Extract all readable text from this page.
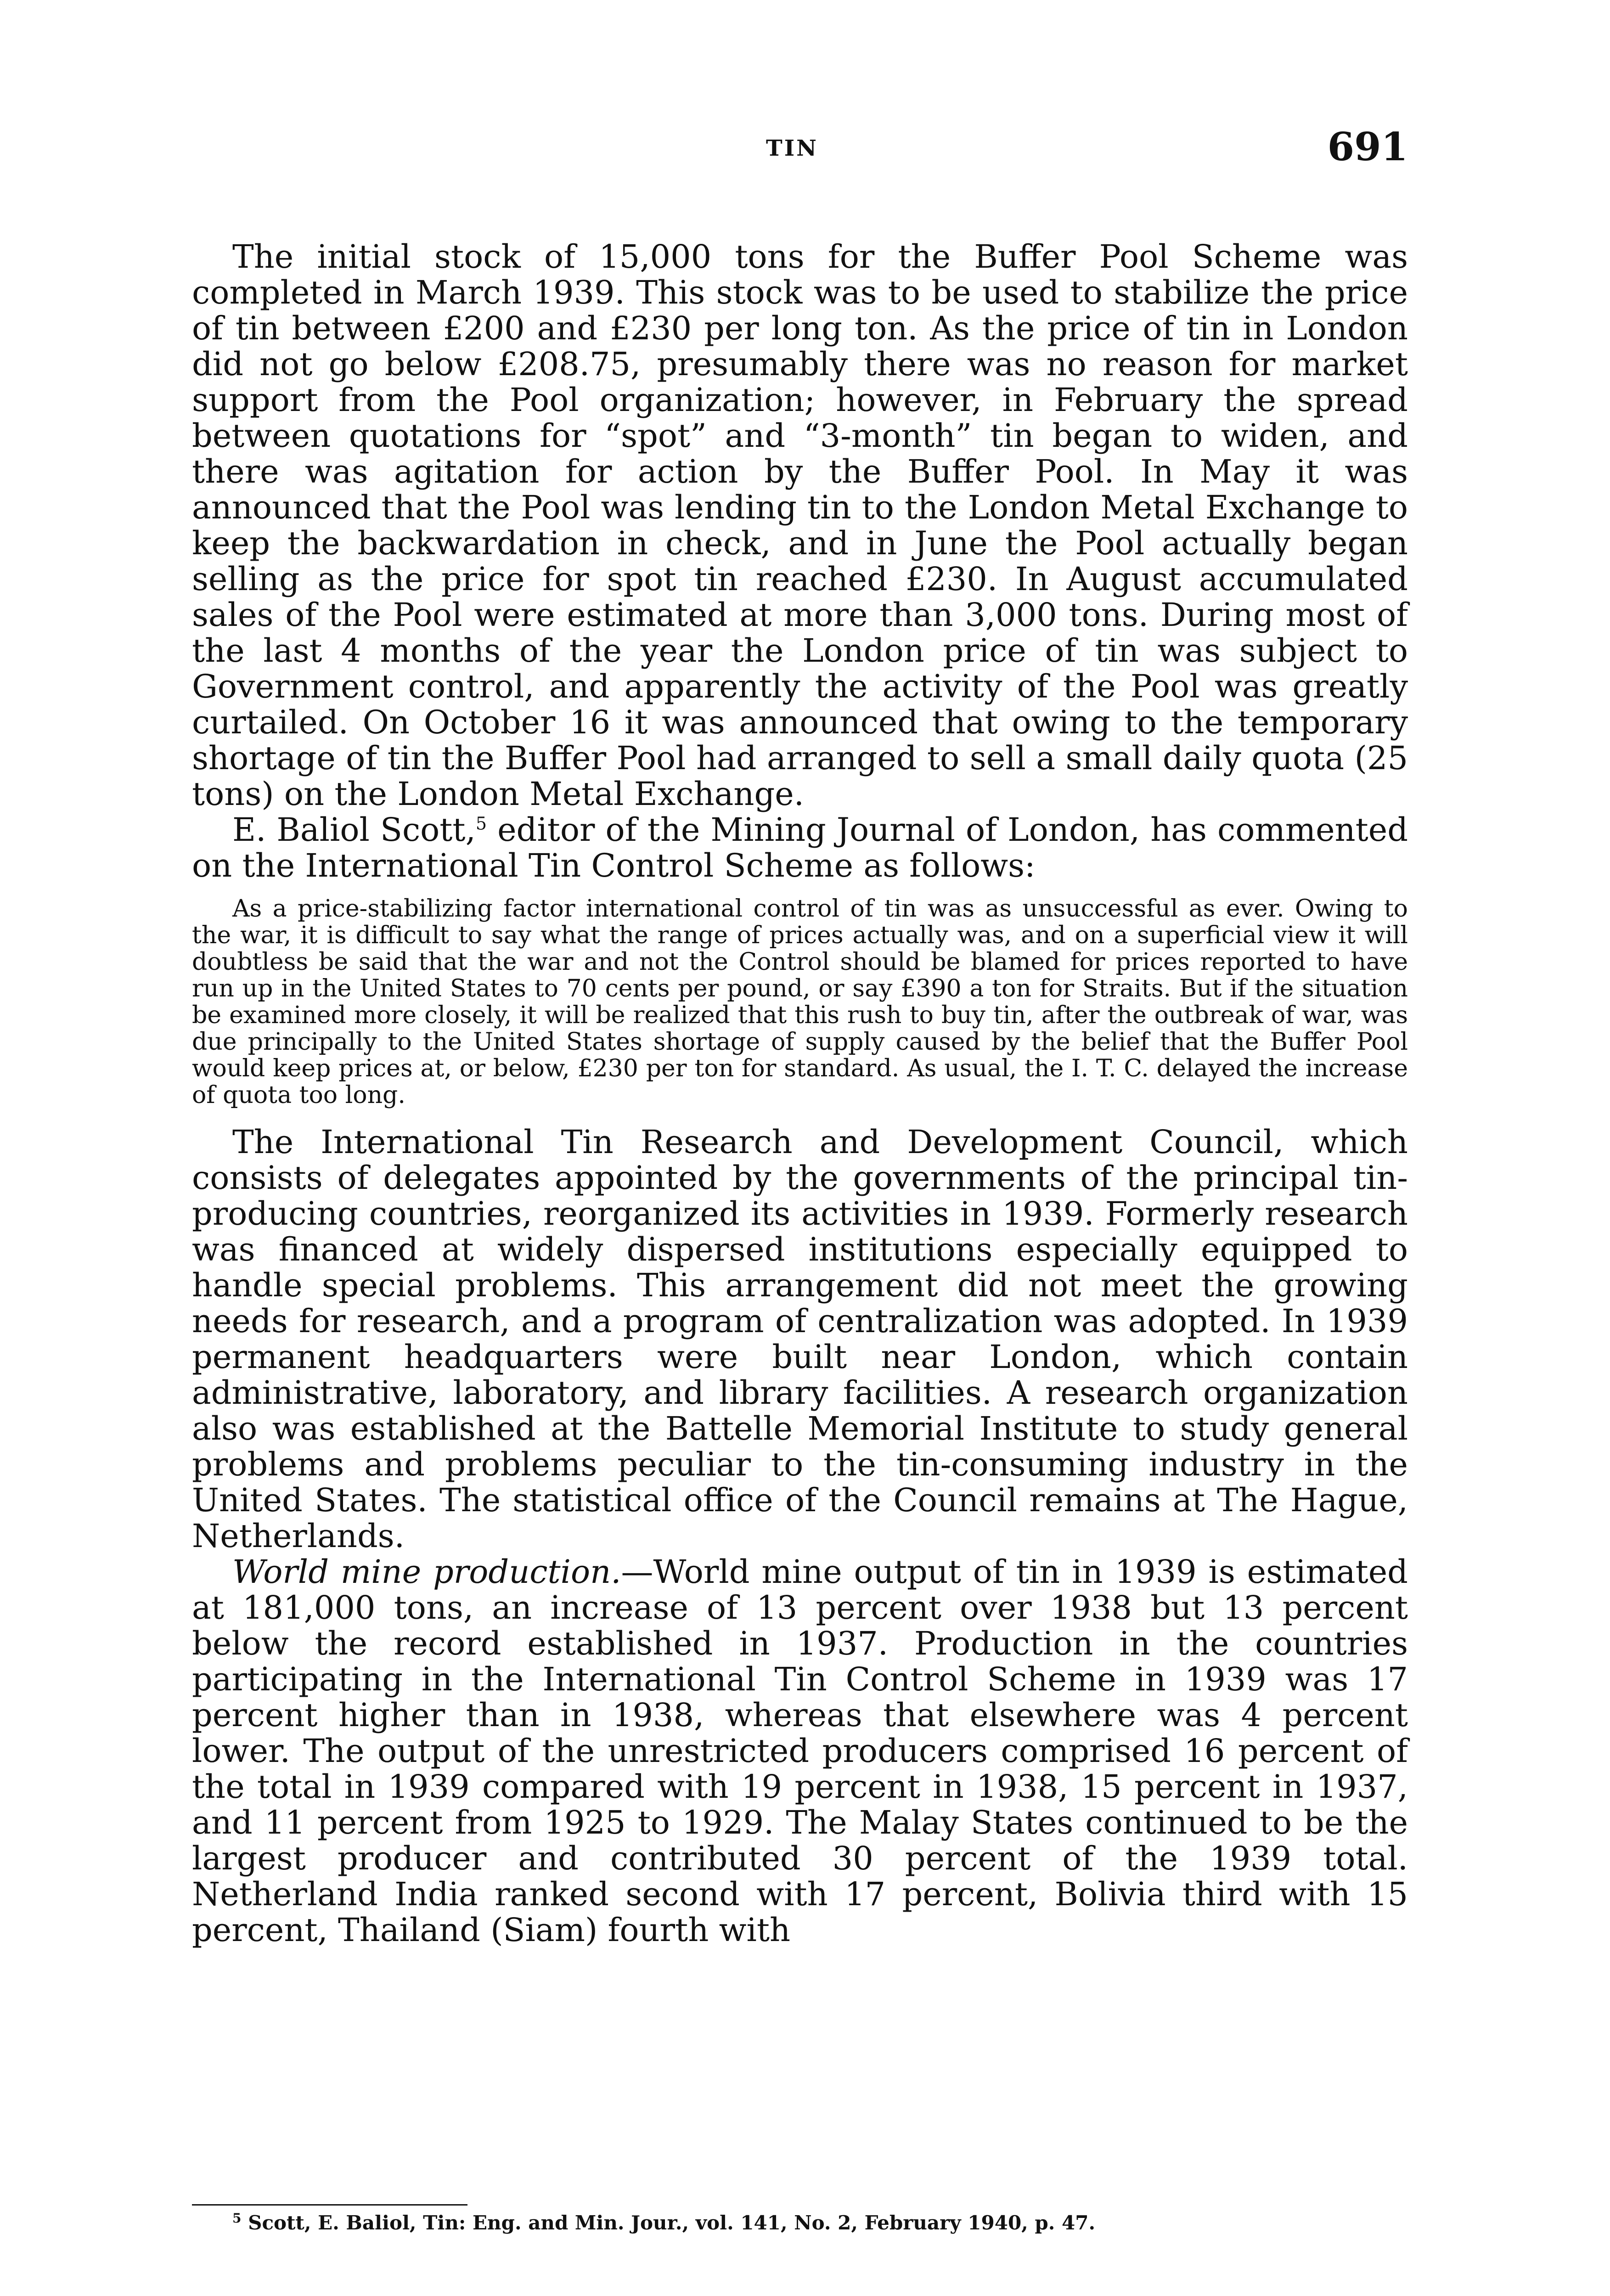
TIN	691

The initial stock of 15,000 tons for the Buffer Pool Scheme was completed in March 1939. This stock was to be used to stabilize the price of tin between £200 and £230 per long ton. As the price of tin in London did not go below £208.75, presumably there was no reason for market support from the Pool organization; however, in February the spread between quotations for “spot” and “3-month” tin began to widen, and there was agitation for action by the Buffer Pool. In May it was announced that the Pool was lending tin to the London Metal Exchange to keep the backwardation in check, and in June the Pool actually began selling as the price for spot tin reached £230. In August accumulated sales of the Pool were estimated at more than 3,000 tons. During most of the last 4 months of the year the London price of tin was subject to Government control, and apparently the activity of the Pool was greatly curtailed. On October 16 it was announced that owing to the temporary shortage of tin the Buffer Pool had arranged to sell a small daily quota (25 tons) on the London Metal Exchange.

E. Baliol Scott,$^5$ editor of the Mining Journal of London, has commented on the International Tin Control Scheme as follows:

As a price-stabilizing factor international control of tin was as unsuccessful as ever. Owing to the war, it is difficult to say what the range of prices actually was, and on a superficial view it will doubtless be said that the war and not the Control should be blamed for prices reported to have run up in the United States to 70 cents per pound, or say £390 a ton for Straits. But if the situation be examined more closely, it will be realized that this rush to buy tin, after the outbreak of war, was due principally to the United States shortage of supply caused by the belief that the Buffer Pool would keep prices at, or below, £230 per ton for standard. As usual, the I. T. C. delayed the increase of quota too long.

The International Tin Research and Development Council, which consists of delegates appointed by the governments of the principal tin-producing countries, reorganized its activities in 1939. Formerly research was financed at widely dispersed institutions especially equipped to handle special problems. This arrangement did not meet the growing needs for research, and a program of centralization was adopted. In 1939 permanent headquarters were built near London, which contain administrative, laboratory, and library facilities. A research organization also was established at the Battelle Memorial Institute to study general problems and problems peculiar to the tin-consuming industry in the United States. The statistical office of the Council remains at The Hague, Netherlands.

World mine production.—World mine output of tin in 1939 is estimated at 181,000 tons, an increase of 13 percent over 1938 but 13 percent below the record established in 1937. Production in the countries participating in the International Tin Control Scheme in 1939 was 17 percent higher than in 1938, whereas that elsewhere was 4 percent lower. The output of the unrestricted producers comprised 16 percent of the total in 1939 compared with 19 percent in 1938, 15 percent in 1937, and 11 percent from 1925 to 1929. The Malay States continued to be the largest producer and contributed 30 percent of the 1939 total. Netherland India ranked second with 17 percent, Bolivia third with 15 percent, Thailand (Siam) fourth with

$^5$ Scott, E. Baliol, Tin: Eng. and Min. Jour., vol. 141, No. 2, February 1940, p. 47.
